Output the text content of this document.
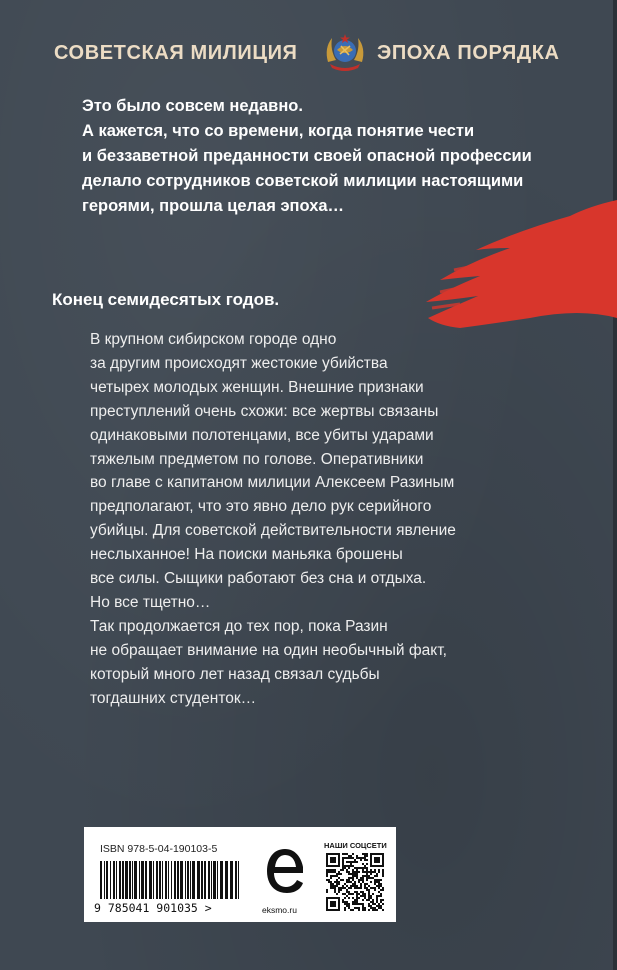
СОВЕТСКАЯ МИЛИЦИЯ	ЭПОХА ПОРЯДКА

Это было совсем недавно.

А кажется, что со времени, когда понятие чести

и беззаветной преданности своей опасной профессии

делало сотрудников советской милиции настоящими

героями, прошла целая эпоха…

Конец семидесятых годов.

В крупном сибирском городе одно

за другим происходят жестокие убийства

четырех молодых женщин. Внешние признаки

преступлений очень схожи: все жертвы связаны

одинаковыми полотенцами, все убиты ударами

тяжелым предметом по голове. Оперативники

во главе с капитаном милиции Алексеем Разиным

предполагают, что это явно дело рук серийного

убийцы. Для советской действительности явление

неслыханное! На поиски маньяка брошены

все силы. Сыщики работают без сна и отдыха.

Но все тщетно…

Так продолжается до тех пор, пока Разин

не обращает внимание на один необычный факт,

который много лет назад связал судьбы

тогдашних студенток…

ISBN 978-5-04-190103-5
9 785041 901035 >	eksmo.ru
НАШИ СОЦСЕТИ
